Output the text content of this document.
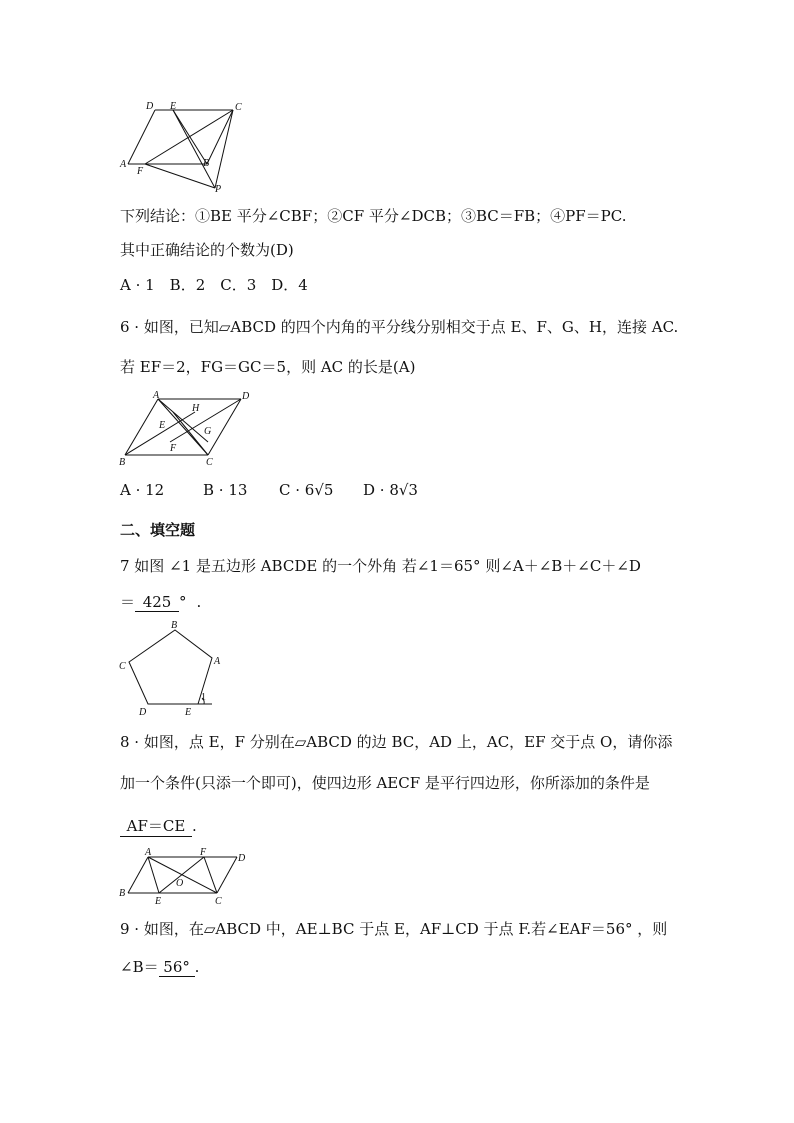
D E	C
A
F
B
P
下列结论：①BE 平分∠CBF；②CF 平分∠DCB；③BC＝FB；④PF＝PC.
其中正确结论的个数为(D)
A · 1　B．2　C．3　D．4
6 · 如图，已知▱ABCD 的四个内角的平分线分别相交于点 E、F、G、H，连接 AC.
若 EF＝2，FG＝GC＝5，则 AC 的长是(A)
A
H
D
E
G
F
B	C
A · 12	B · 13 C · 6√5 D · 8√3
二、填空题
7 如图 ∠1 是五边形 ABCDE 的一个外角 若∠1＝65° 则∠A＋∠B＋∠C＋∠D
＝ 425 ° .
B
C	A
D	E
1
8 · 如图，点 E，F 分别在▱ABCD 的边 BC，AD 上，AC，EF 交于点 O，请你添
加一个条件(只添一个即可)，使四边形 AECF 是平行四边形，你所添加的条件是
AF＝CE .
A	F
D
O
B
E	C
9 · 如图，在▱ABCD 中，AE⊥BC 于点 E，AF⊥CD 于点 F.若∠EAF＝56° ，则
∠B＝ 56° .
